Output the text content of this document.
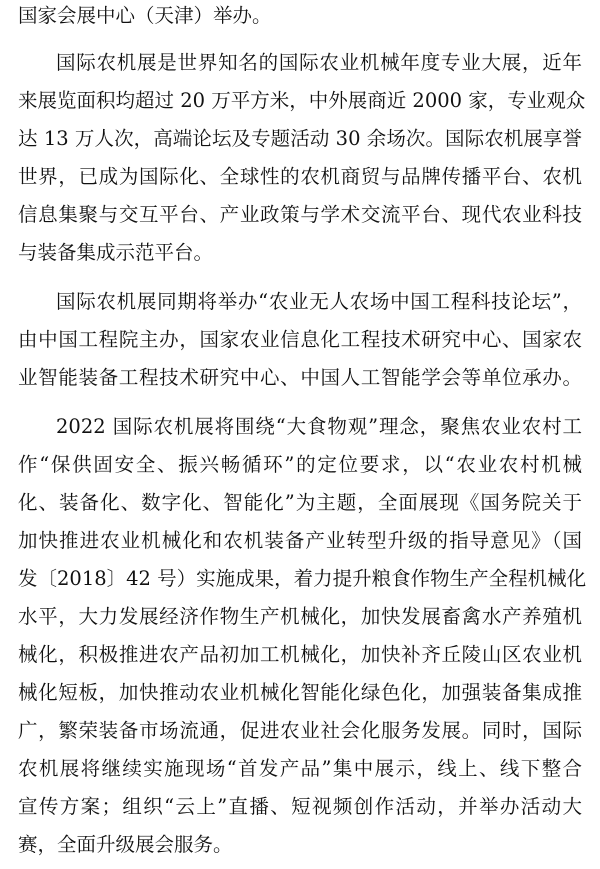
国家会展中心（天津）举办。
国际农机展是世界知名的国际农业机械年度专业大展，近年
来展览面积均超过 20 万平方米，中外展商近 2000 家，专业观众
达 13 万人次，高端论坛及专题活动 30 余场次。国际农机展享誉
世界，已成为国际化、全球性的农机商贸与品牌传播平台、农机
信息集聚与交互平台、产业政策与学术交流平台、现代农业科技
与装备集成示范平台。
国际农机展同期将举办“农业无人农场中国工程科技论坛”，
由中国工程院主办，国家农业信息化工程技术研究中心、国家农
业智能装备工程技术研究中心、中国人工智能学会等单位承办。
2022 国际农机展将围绕“大食物观”理念，聚焦农业农村工
作“保供固安全、振兴畅循环”的定位要求，以“农业农村机械
化、装备化、数字化、智能化”为主题，全面展现《国务院关于
加快推进农业机械化和农机装备产业转型升级的指导意见》（国
发〔2018〕42 号）实施成果，着力提升粮食作物生产全程机械化
水平，大力发展经济作物生产机械化，加快发展畜禽水产养殖机
械化，积极推进农产品初加工机械化，加快补齐丘陵山区农业机
械化短板，加快推动农业机械化智能化绿色化，加强装备集成推
广，繁荣装备市场流通，促进农业社会化服务发展。同时，国际
农机展将继续实施现场“首发产品”集中展示，线上、线下整合
宣传方案；组织“云上”直播、短视频创作活动，并举办活动大
赛，全面升级展会服务。
